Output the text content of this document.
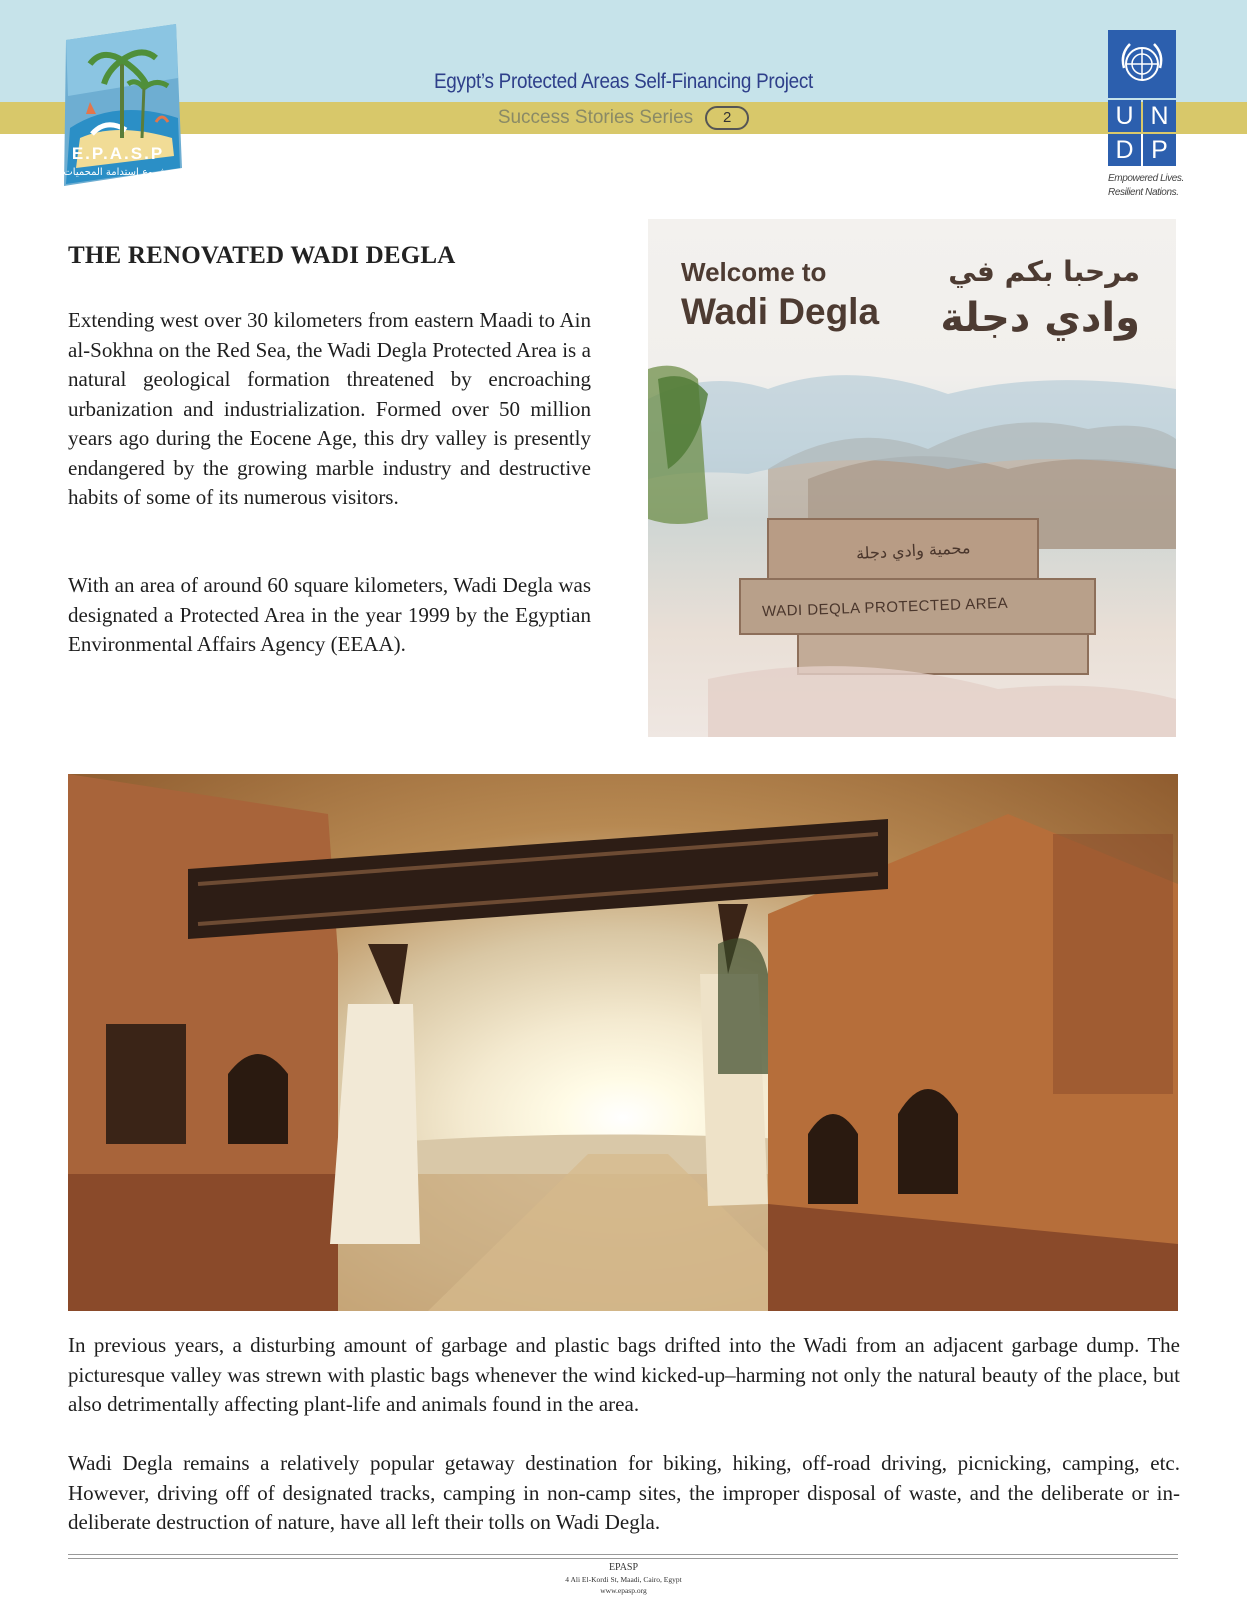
Egypt’s Protected Areas Self-Financing Project
Success Stories Series 2
E.P.A.S.P
مشروع إستدامة المحميات
U N
D P
Empowered Lives.
Resilient Nations.
THE RENOVATED WADI DEGLA
Extending west over 30 kilometers from eastern Maadi to Ain al-Sokhna on the Red Sea, the Wadi Degla Protected Area is a natural geological formation threatened by encroaching urbanization and industrialization. Formed over 50 million years ago during the Eocene Age, this dry valley is presently endangered by the growing marble industry and destructive habits of some of its numerous visitors.
With an area of around 60 square kilometers, Wadi Degla was designated a Protected Area in the year 1999 by the Egyptian Environmental Affairs Agency (EEAA).
Welcome to
Wadi Degla
مرحبا بكم في
وادي دجلة
محمية وادي دجلة
WADI DEQLA PROTECTED AREA
In previous years, a disturbing amount of garbage and plastic bags drifted into the Wadi from an adjacent garbage dump. The picturesque valley was strewn with plastic bags whenever the wind kicked-up–harming not only the natural beauty of the place, but also detrimentally affecting plant-life and animals found in the area.
Wadi Degla remains a relatively popular getaway destination for biking, hiking, off-road driving, picnicking, camping, etc. However, driving off of designated tracks, camping in non-camp sites, the improper disposal of waste, and the deliberate or in-deliberate destruction of nature, have all left their tolls on Wadi Degla.
EPASP
4 Ali El-Kordi St, Maadi, Cairo, Egypt
www.epasp.org
